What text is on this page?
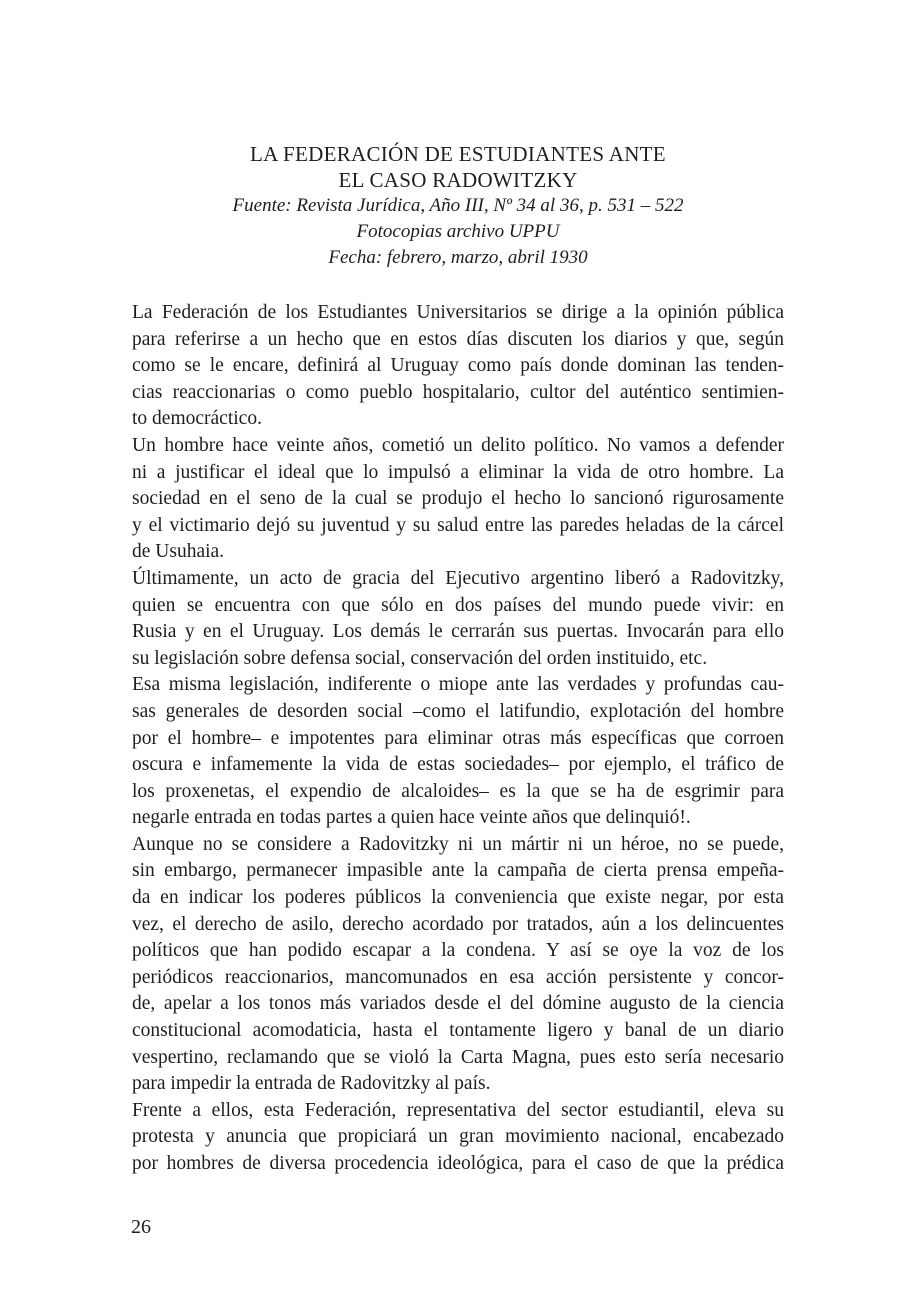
LA FEDERACIÓN DE ESTUDIANTES ANTE
EL CASO RADOWITZKY
Fuente: Revista Jurídica, Año III, Nº 34 al 36, p. 531 – 522
Fotocopias archivo UPPU
Fecha: febrero, marzo, abril 1930
La Federación de los Estudiantes Universitarios se dirige a la opinión pública
para referirse a un hecho que en estos días discuten los diarios y que, según
como se le encare, definirá al Uruguay como país donde dominan las tenden-
cias reaccionarias o como pueblo hospitalario, cultor del auténtico sentimien-
to democráctico.
Un hombre hace veinte años, cometió un delito político. No vamos a defender
ni a justificar el ideal que lo impulsó a eliminar la vida de otro hombre. La
sociedad en el seno de la cual se produjo el hecho lo sancionó rigurosamente
y el victimario dejó su juventud y su salud entre las paredes heladas de la cárcel
de Usuhaia.
Últimamente, un acto de gracia del Ejecutivo argentino liberó a Radovitzky,
quien se encuentra con que sólo en dos países del mundo puede vivir: en
Rusia y en el Uruguay. Los demás le cerrarán sus puertas. Invocarán para ello
su legislación sobre defensa social, conservación del orden instituido, etc.
Esa misma legislación, indiferente o miope ante las verdades y profundas cau-
sas generales de desorden social –como el latifundio, explotación del hombre
por el hombre– e impotentes para eliminar otras más específicas que corroen
oscura e infamemente la vida de estas sociedades– por ejemplo, el tráfico de
los proxenetas, el expendio de alcaloides– es la que se ha de esgrimir para
negarle entrada en todas partes a quien hace veinte años que delinquió!.
Aunque no se considere a Radovitzky ni un mártir ni un héroe, no se puede,
sin embargo, permanecer impasible ante la campaña de cierta prensa empeña-
da en indicar los poderes públicos la conveniencia que existe negar, por esta
vez, el derecho de asilo, derecho acordado por tratados, aún a los delincuentes
políticos que han podido escapar a la condena. Y así se oye la voz de los
periódicos reaccionarios, mancomunados en esa acción persistente y concor-
de, apelar a los tonos más variados desde el del dómine augusto de la ciencia
constitucional acomodaticia, hasta el tontamente ligero y banal de un diario
vespertino, reclamando que se violó la Carta Magna, pues esto sería necesario
para impedir la entrada de Radovitzky al país.
Frente a ellos, esta Federación, representativa del sector estudiantil, eleva su
protesta y anuncia que propiciará un gran movimiento nacional, encabezado
por hombres de diversa procedencia ideológica, para el caso de que la prédica
26
